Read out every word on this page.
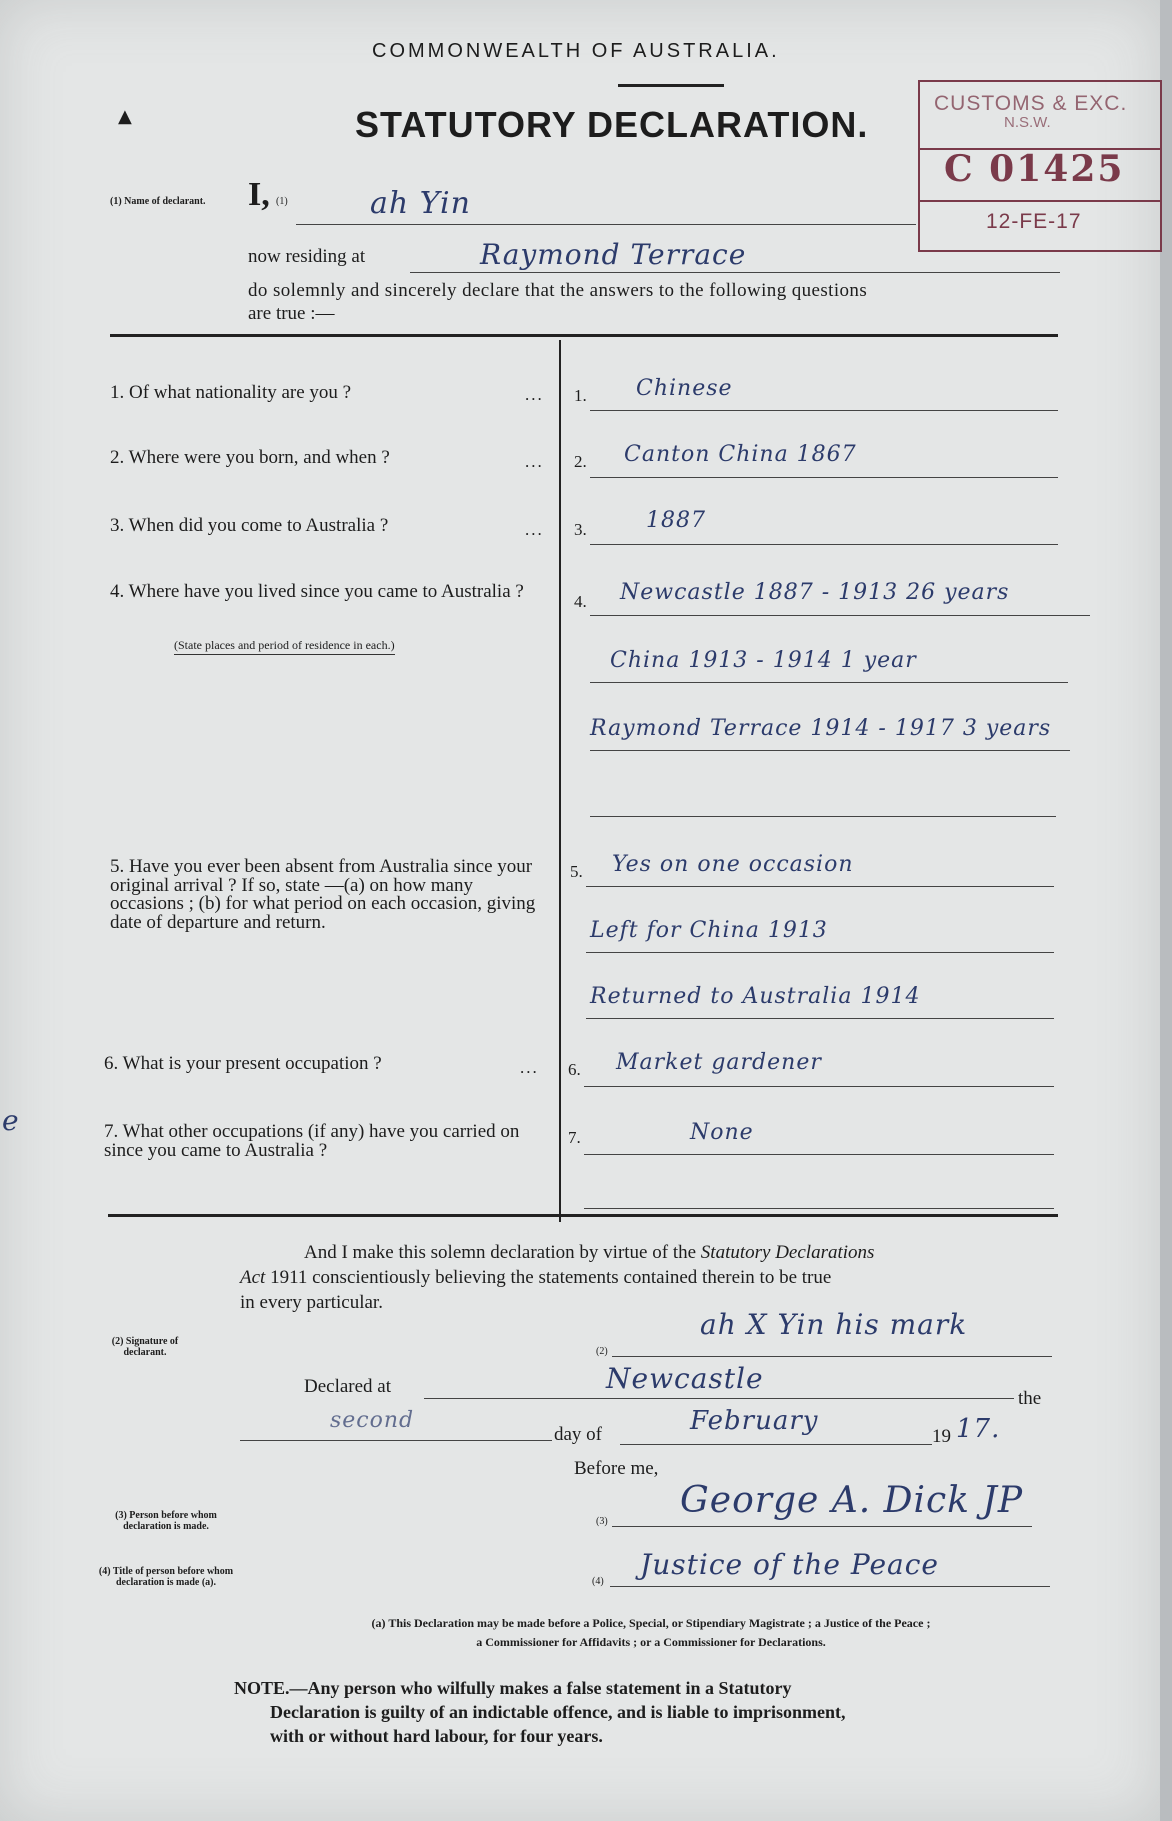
COMMONWEALTH OF AUSTRALIA.
▲	STATUTORY DECLARATION.
CUSTOMS & EXC.
N.S.W.
C 01425
12-FE-17
(1) Name of declarant. I, (1)	ah Yin
now residing at	Raymond Terrace
do solemnly and sincerely declare that the answers to the following questions
are true :—
1. Of what nationality are you ?	... 1. Chinese
2. Where were you born, and when ?	... 2. Canton China 1867
3. When did you come to Australia ?	... 3.	1887
4. Where have you lived since you came to Australia ?
(State places and period of residence in each.)
4. Newcastle 1887 - 1913 26 years
China 1913 - 1914 1 year
Raymond Terrace 1914 - 1917 3 years
5. Have you ever been absent from Australia since your original arrival ? If so, state —(a) on how many occasions ; (b) for what period on each occasion, giving date of departure and return.
5. Yes on one occasion
Left for China 1913
Returned to Australia 1914
6. What is your present occupation ?	... 6. Market gardener
7. What other occupations (if any) have you carried on since you came to Australia ?
7.	None
And I make this solemn declaration by virtue of the Statutory Declarations
Act 1911 conscientiously believing the statements contained therein to be true
in every particular.
(2) Signature of declarant.	(2)
ah X Yin his mark
Declared at	Newcastle
the
second
day of	February
19 17.
Before me,
(3) Person before whom declaration is made.	(3)
George A. Dick JP
(4) Title of person before whom declaration is made (a).	(4)
Justice of the Peace
(a) This Declaration may be made before a Police, Special, or Stipendiary Magistrate ; a Justice of the Peace ;
a Commissioner for Affidavits ; or a Commissioner for Declarations.
NOTE.—Any person who wilfully makes a false statement in a Statutory
Declaration is guilty of an indictable offence, and is liable to imprisonment,
with or without hard labour, for four years.
e
